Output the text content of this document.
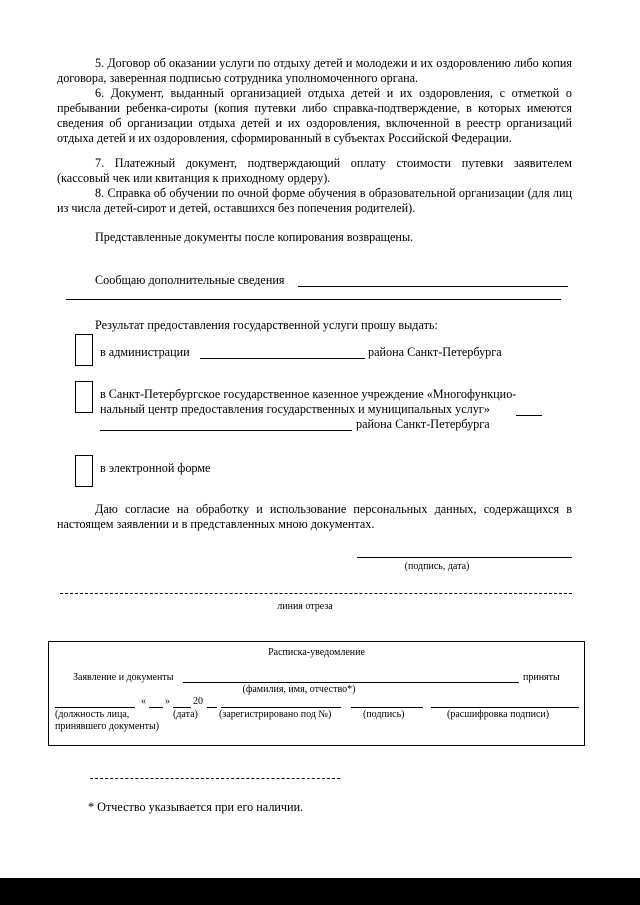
5. Договор об оказании услуги по отдыху детей и молодежи и их оздоровлению либо копия договора, заверенная подписью сотрудника уполномоченного органа.
6. Документ, выданный организацией отдыха детей и их оздоровления, с отметкой о пребывании ребенка-сироты (копия путевки либо справка-подтверждение, в которых имеются сведения об организации отдыха детей и их оздоровления, включенной в реестр организаций отдыха детей и их оздоровления, сформированный в субъектах Российской Федерации.
7. Платежный документ, подтверждающий оплату стоимости путевки заявителем (кассовый чек или квитанция к приходному ордеру).
8. Справка об обучении по очной форме обучения в образовательной организации (для лиц из числа детей-сирот и детей, оставшихся без попечения родителей).
Представленные документы после копирования возвращены.
Сообщаю дополнительные сведения
Результат предоставления государственной услуги прошу выдать:
в администрации	района Санкт-Петербурга
в Санкт-Петербургское государственное казенное учреждение «Многофункцио-
нальный центр предоставления государственных и муниципальных услуг»
района Санкт-Петербурга
в электронной форме
Даю согласие на обработку и использование персональных данных, содержащихся в настоящем заявлении и в представленных мною документах.
(подпись, дата)
линия отреза
Расписка-уведомление
Заявление и документы	приняты
(фамилия, имя, отчество*)
« » 20
(должность лица,
принявшего документы)
(дата) (зарегистрировано под №)	(подпись)	(расшифровка подписи)
* Отчество указывается при его наличии.
